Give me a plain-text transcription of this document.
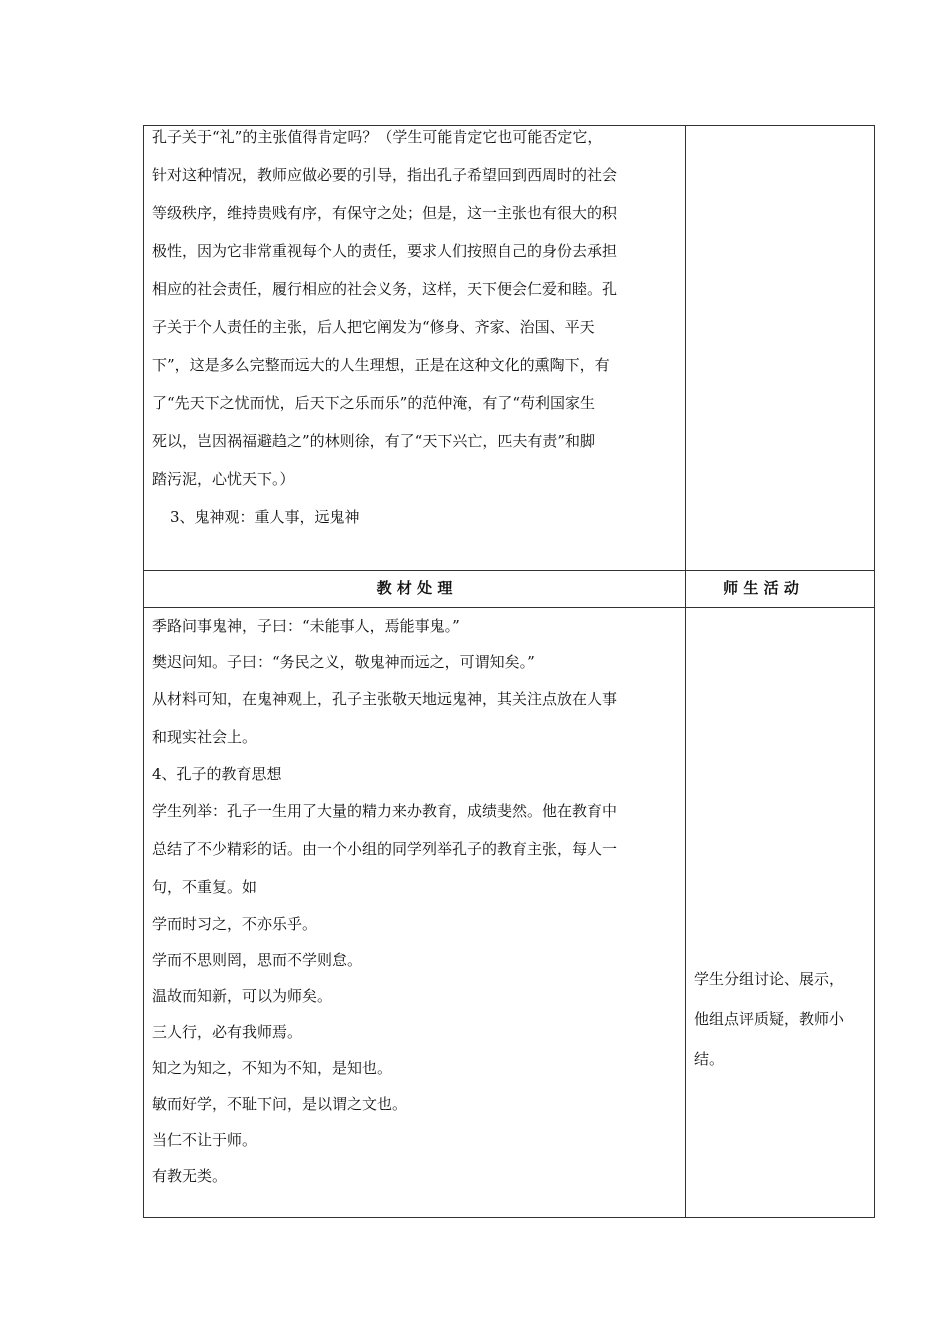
孔子关于“礼”的主张值得肯定吗？（学生可能肯定它也可能否定它，
针对这种情况，教师应做必要的引导，指出孔子希望回到西周时的社会
等级秩序，维持贵贱有序，有保守之处；但是，这一主张也有很大的积
极性，因为它非常重视每个人的责任，要求人们按照自己的身份去承担
相应的社会责任，履行相应的社会义务，这样，天下便会仁爱和睦。孔
子关于个人责任的主张，后人把它阐发为“修身、齐家、治国、平天
下”，这是多么完整而远大的人生理想，正是在这种文化的熏陶下，有
了“先天下之忧而忧，后天下之乐而乐”的范仲淹，有了“苟利国家生
死以，岂因祸福避趋之”的林则徐，有了“天下兴亡，匹夫有责”和脚
踏污泥，心忧天下。）
3、鬼神观：重人事，远鬼神
教 材 处 理	师 生 活 动
季路问事鬼神，子曰：“未能事人，焉能事鬼。”
樊迟问知。子曰：“务民之义，敬鬼神而远之，可谓知矣。”
从材料可知，在鬼神观上，孔子主张敬天地远鬼神，其关注点放在人事
和现实社会上。
4、孔子的教育思想
学生列举：孔子一生用了大量的精力来办教育，成绩斐然。他在教育中
总结了不少精彩的话。由一个小组的同学列举孔子的教育主张，每人一
句，不重复。如
学而时习之，不亦乐乎。
学而不思则罔，思而不学则怠。
温故而知新，可以为师矣。
三人行，必有我师焉。
知之为知之，不知为不知，是知也。
敏而好学，不耻下问，是以谓之文也。
当仁不让于师。
有教无类。
学生分组讨论、展示，
他组点评质疑，教师小
结。
